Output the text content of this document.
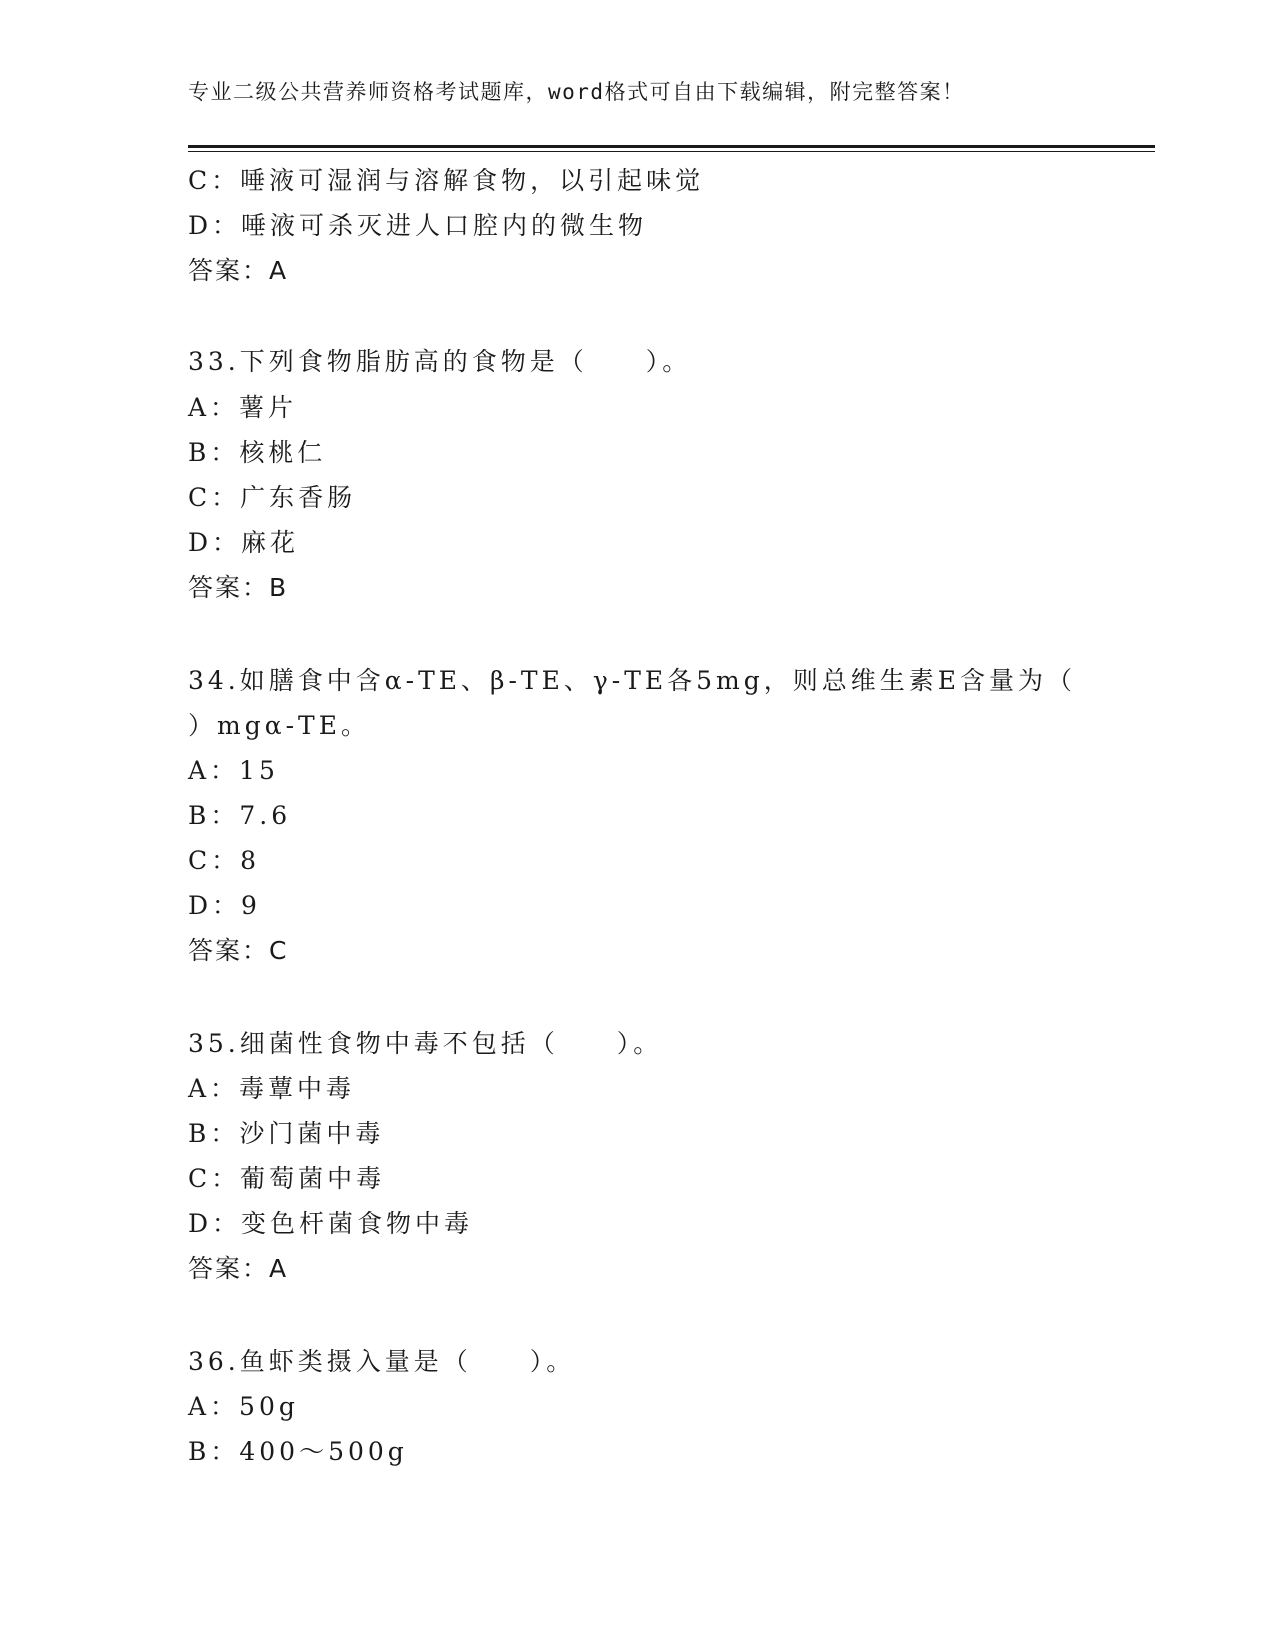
专业二级公共营养师资格考试题库，word格式可自由下载编辑，附完整答案！
C：唾液可湿润与溶解食物，以引起味觉
D：唾液可杀灭进人口腔内的微生物
答案：A
33.下列食物脂肪高的食物是（　　）。
A：薯片
B：核桃仁
C：广东香肠
D：麻花
答案：B
34.如膳食中含α-TE、β-TE、γ-TE各5mg，则总维生素E含量为（
）mgα-TE。
A：15
B：7.6
C：8
D：9
答案：C
35.细菌性食物中毒不包括（　　）。
A：毒蕈中毒
B：沙门菌中毒
C：葡萄菌中毒
D：变色杆菌食物中毒
答案：A
36.鱼虾类摄入量是（　　）。
A：50g
B：400～500g
